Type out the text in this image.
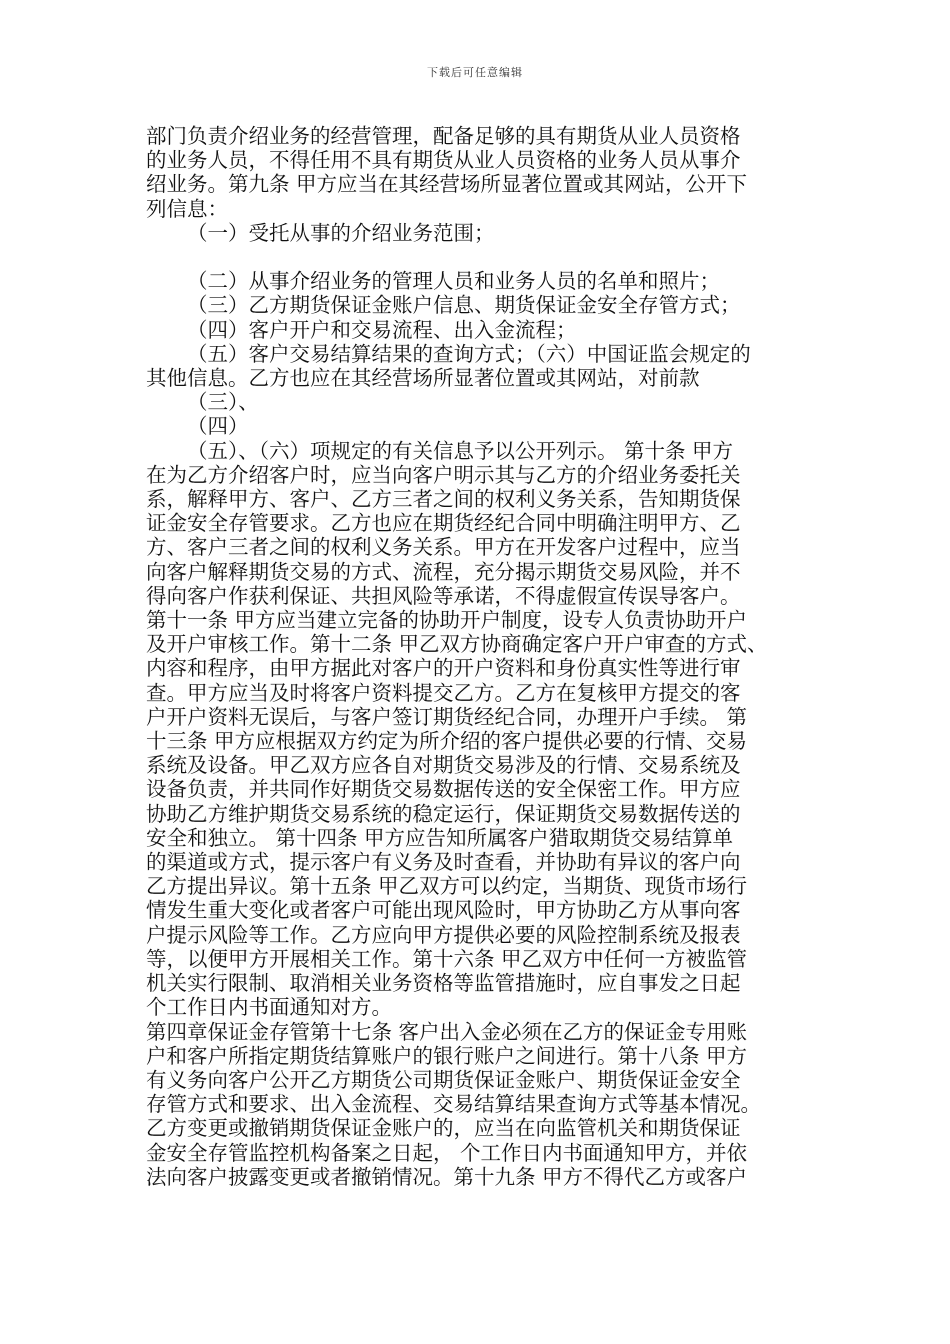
下载后可任意编辑
部门负责介绍业务的经营管理，配备足够的具有期货从业人员资格
的业务人员，不得任用不具有期货从业人员资格的业务人员从事介
绍业务。第九条 甲方应当在其经营场所显著位置或其网站，公开下
列信息：
（一）受托从事的介绍业务范围；
（二）从事介绍业务的管理人员和业务人员的名单和照片；
（三）乙方期货保证金账户信息、期货保证金安全存管方式；
（四）客户开户和交易流程、出入金流程；
（五）客户交易结算结果的查询方式；（六）中国证监会规定的
其他信息。乙方也应在其经营场所显著位置或其网站，对前款
（三）、
（四）
（五）、（六）项规定的有关信息予以公开列示。 第十条 甲方
在为乙方介绍客户时，应当向客户明示其与乙方的介绍业务委托关
系，解释甲方、客户、乙方三者之间的权利义务关系，告知期货保
证金安全存管要求。乙方也应在期货经纪合同中明确注明甲方、乙
方、客户三者之间的权利义务关系。甲方在开发客户过程中，应当
向客户解释期货交易的方式、流程，充分揭示期货交易风险，并不
得向客户作获利保证、共担风险等承诺，不得虚假宣传误导客户。
第十一条 甲方应当建立完备的协助开户制度，设专人负责协助开户
及开户审核工作。第十二条 甲乙双方协商确定客户开户审查的方式、
内容和程序，由甲方据此对客户的开户资料和身份真实性等进行审
查。甲方应当及时将客户资料提交乙方。乙方在复核甲方提交的客
户开户资料无误后，与客户签订期货经纪合同，办理开户手续。 第
十三条 甲方应根据双方约定为所介绍的客户提供必要的行情、交易
系统及设备。甲乙双方应各自对期货交易涉及的行情、交易系统及
设备负责，并共同作好期货交易数据传送的安全保密工作。甲方应
协助乙方维护期货交易系统的稳定运行，保证期货交易数据传送的
安全和独立。 第十四条 甲方应告知所属客户猎取期货交易结算单
的渠道或方式，提示客户有义务及时查看，并协助有异议的客户向
乙方提出异议。第十五条 甲乙双方可以约定，当期货、现货市场行
情发生重大变化或者客户可能出现风险时，甲方协助乙方从事向客
户提示风险等工作。乙方应向甲方提供必要的风险控制系统及报表
等，以便甲方开展相关工作。第十六条 甲乙双方中任何一方被监管
机关实行限制、取消相关业务资格等监管措施时，应自事发之日起
个工作日内书面通知对方。
第四章保证金存管第十七条 客户出入金必须在乙方的保证金专用账
户和客户所指定期货结算账户的银行账户之间进行。第十八条 甲方
有义务向客户公开乙方期货公司期货保证金账户、期货保证金安全
存管方式和要求、出入金流程、交易结算结果查询方式等基本情况。
乙方变更或撤销期货保证金账户的，应当在向监管机关和期货保证
金安全存管监控机构备案之日起， 个工作日内书面通知甲方，并依
法向客户披露变更或者撤销情况。第十九条 甲方不得代乙方或客户
